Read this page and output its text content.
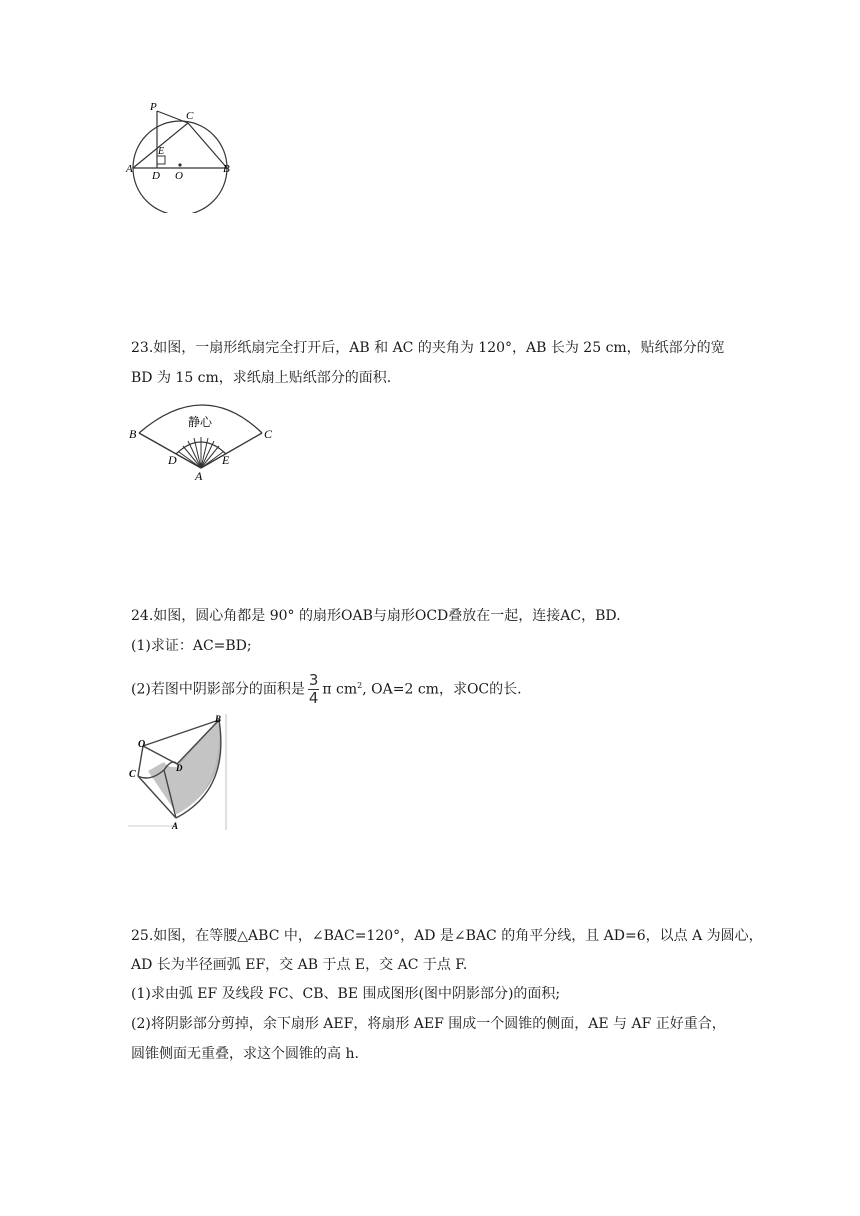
P
C
E
A
D O
B
23.如图，一扇形纸扇完全打开后，AB 和 AC 的夹角为 120°，AB 长为 25 cm，贴纸部分的宽
BD 为 15 cm，求纸扇上贴纸部分的面积.
静心
B	C
D	E
A
24.如图，圆心角都是 90° 的扇形OAB与扇形OCD叠放在一起，连接AC，BD.
(1)求证：AC=BD;
(2)若图中阴影部分的面积是 $\frac{3}{4}$ π $cm^2$, OA=2 cm，求OC的长.
O
B
D
C
A
25.如图，在等腰△ABC 中，∠BAC=120°，AD 是∠BAC 的角平分线，且 AD=6，以点 A 为圆心，
AD 长为半径画弧 EF，交 AB 于点 E，交 AC 于点 F.
(1)求由弧 EF 及线段 FC、CB、BE 围成图形(图中阴影部分)的面积;
(2)将阴影部分剪掉，余下扇形 AEF，将扇形 AEF 围成一个圆锥的侧面，AE 与 AF 正好重合，
圆锥侧面无重叠，求这个圆锥的高 h.
